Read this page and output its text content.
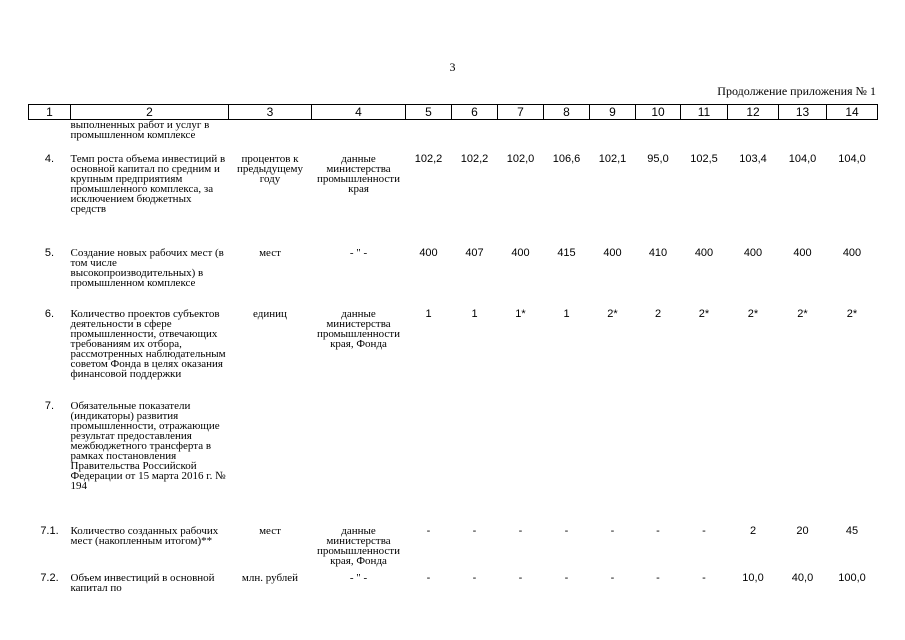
3
Продолжение приложения № 1
1	2	3	4	5	6	7	8	9	10	11	12	13	14
	выполненных работ и услуг в промышленном комплексе												
4.	Темп роста объема инвестиций в основной капитал по средним и крупным предприятиям промышленного комплекса, за исключением бюджетных средств	процентов к предыдущему году	данные министерства промышленности края	102,2	102,2	102,0	106,6	102,1	95,0	102,5	103,4	104,0	104,0
5.	Создание новых рабочих мест (в том числе высокопроизводительных) в промышленном комплексе	мест	- " -	400	407	400	415	400	410	400	400	400	400
6.	Количество проектов субъектов деятельности в сфере промышленности, отвечающих требованиям их отбора, рассмотренных наблюдательным советом Фонда в целях оказания финансовой поддержки	единиц	данные министерства промышленности края, Фонда	1	1	1*	1	2*	2	2*	2*	2*	2*
7.	Обязательные показатели (индикаторы) развития промышленности, отражающие результат предоставления межбюджетного трансферта в рамках постановления Правительства Российской Федерации от 15 марта 2016 г. № 194												
7.1.	Количество созданных рабочих мест (накопленным итогом)**	мест	данные министерства промышленности края, Фонда	-	-	-	-	-	-	-	2	20	45
7.2.	Объем инвестиций в основной капитал по	млн. рублей	- " -	-	-	-	-	-	-	-	10,0	40,0	100,0
